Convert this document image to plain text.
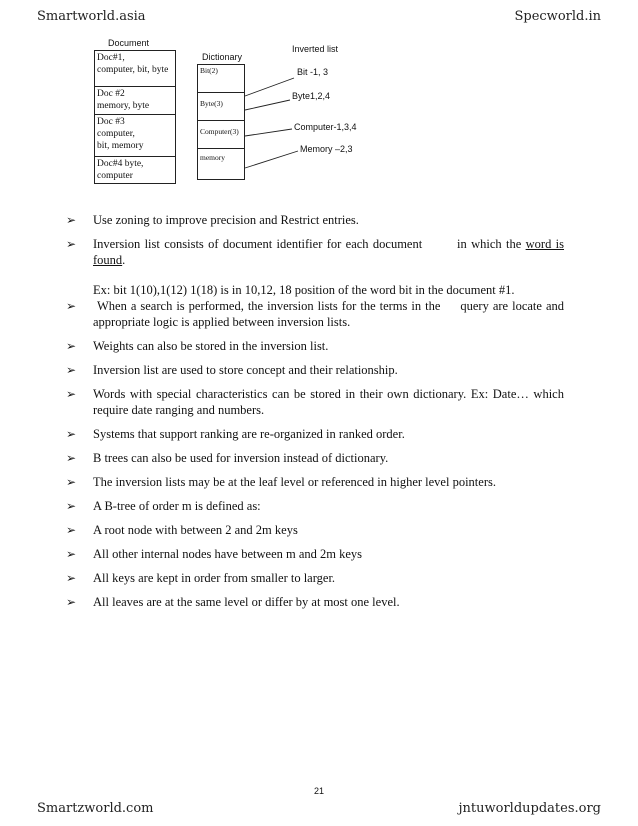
Smartworld.asia	Specworld.in
Document
Dictionary
Inverted list
Doc#1,
computer, bit, byte
Doc #2
memory, byte
Doc #3
computer,
bit, memory
Doc#4 byte,
computer
Bit(2)
Byte(3)
Computer(3)
memory
Bit -1, 3
Byte1,2,4
Computer-1,3,4
Memory –2,3
➢ Use zoning to improve precision and Restrict entries.
➢ Inversion list consists of document identifier for each document        in which the word is found.
➢ When a search is performed, the inversion lists for the terms in the     query are locate and appropriate logic is applied between inversion lists.
➢ Weights can also be stored in the inversion list.
➢ Inversion list are used to store concept and their relationship.
➢ Words with special characteristics can be stored in their own dictionary. Ex: Date… which require date ranging and numbers.
➢ Systems that support ranking are re-organized in ranked order.
➢ B trees can also be used for inversion instead of dictionary.
➢ The inversion lists may be at the leaf level or referenced in higher level pointers.
➢ A B-tree of order m is defined as:
➢ A root node with between 2 and 2m keys
➢ All other internal nodes have between m and 2m keys
➢ All keys are kept in order from smaller to larger.
➢ All leaves are at the same level or differ by at most one level.
Ex: bit 1(10),1(12) 1(18) is in 10,12, 18 position of the word bit in the document #1.
21
Smartzworld.com	jntuworldupdates.org
